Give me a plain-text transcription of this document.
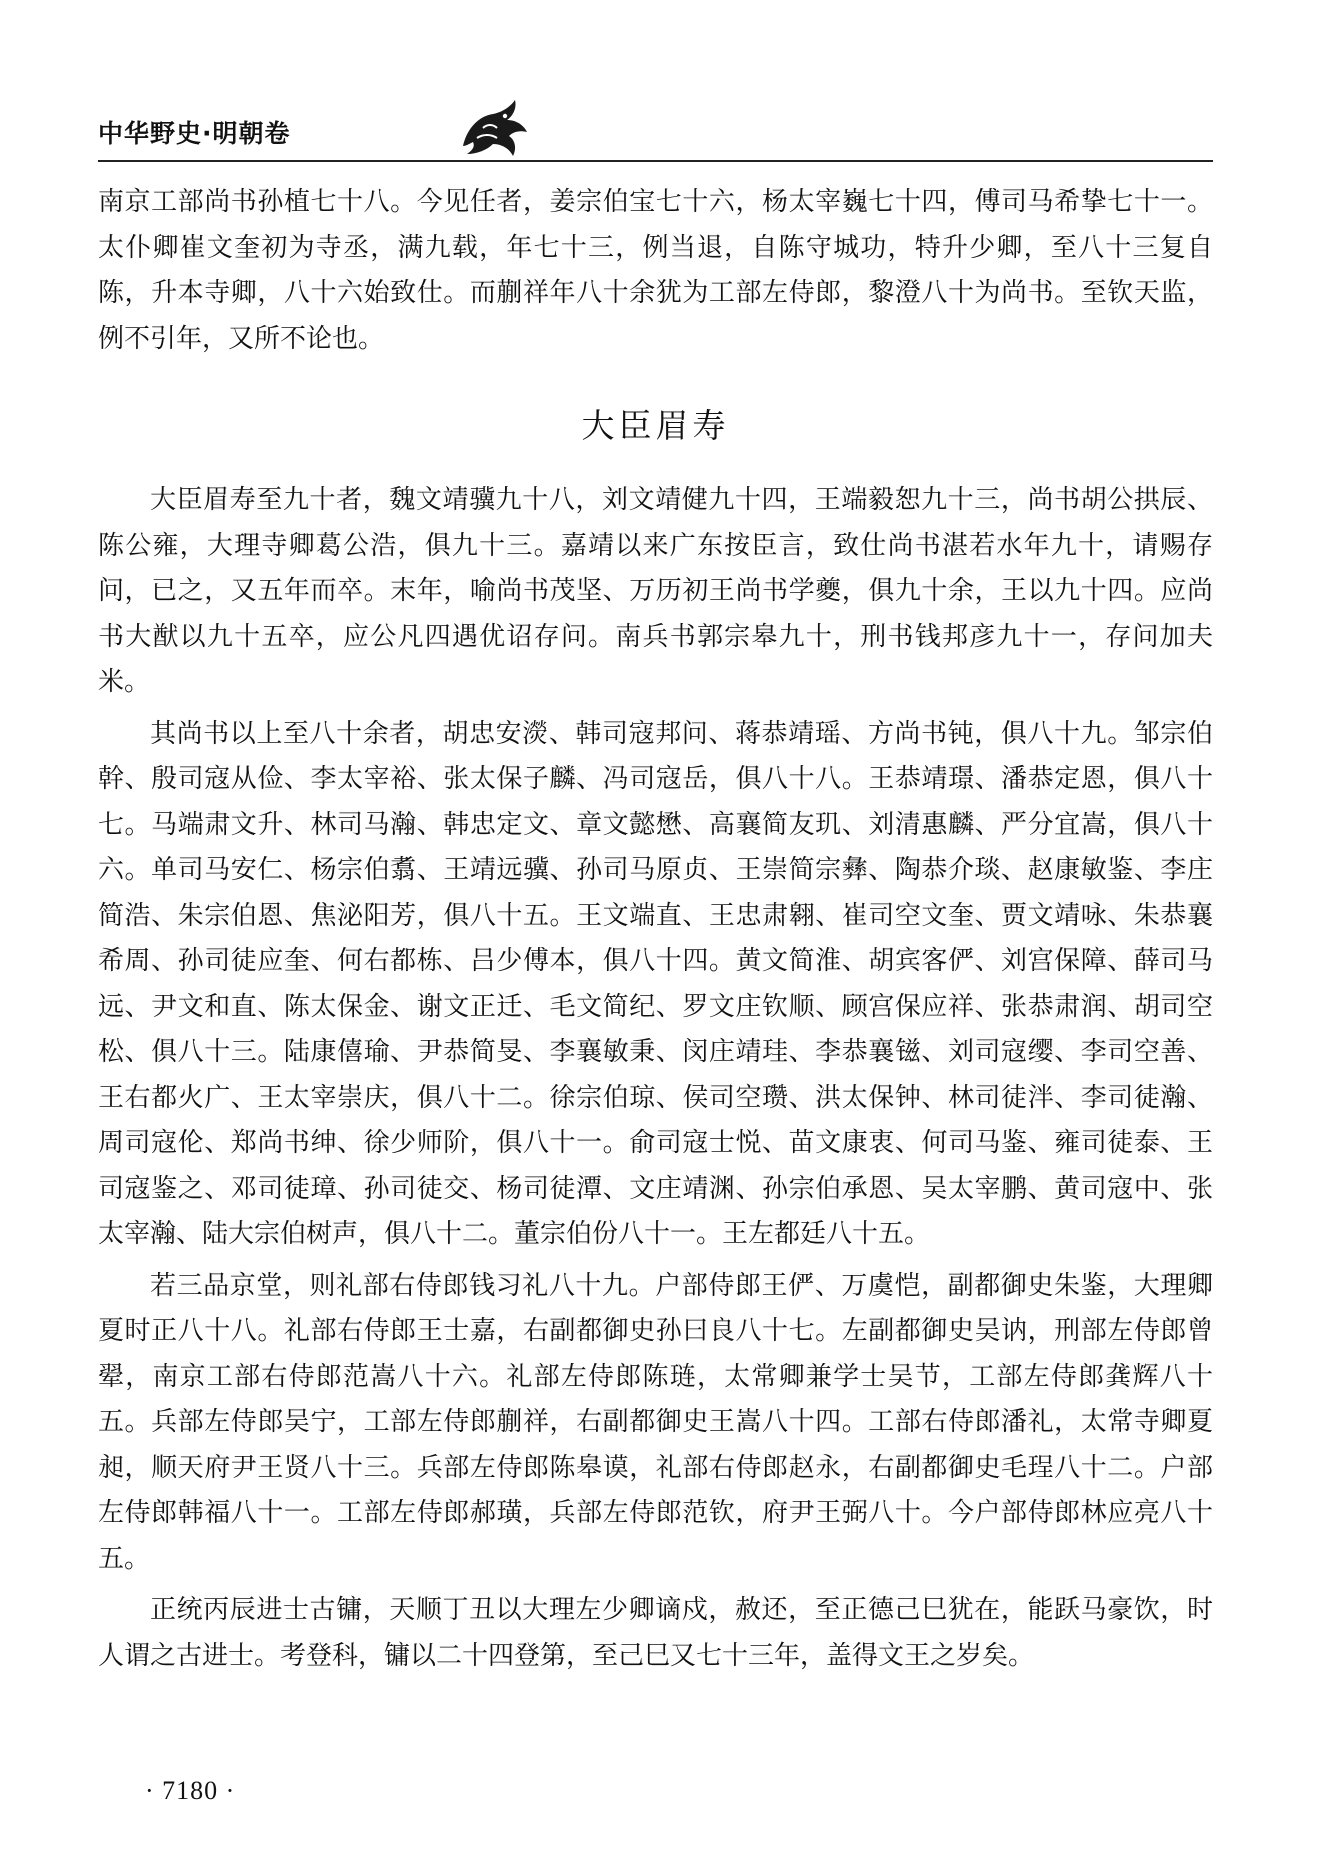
中华野史·明朝卷
南京工部尚书孙植七十八。今见任者，姜宗伯宝七十六，杨太宰巍七十四，傅司马希挚七十一。太仆卿崔文奎初为寺丞，满九载，年七十三，例当退，自陈守城功，特升少卿，至八十三复自陈，升本寺卿，八十六始致仕。而蒯祥年八十余犹为工部左侍郎，黎澄八十为尚书。至钦天监，例不引年，又所不论也。
大臣眉寿

大臣眉寿至九十者，魏文靖骥九十八，刘文靖健九十四，王端毅恕九十三，尚书胡公拱辰、陈公雍，大理寺卿葛公浩，俱九十三。嘉靖以来广东按臣言，致仕尚书湛若水年九十，请赐存问，已之，又五年而卒。末年，喻尚书茂坚、万历初王尚书学夔，俱九十余，王以九十四。应尚书大猷以九十五卒，应公凡四遇优诏存问。南兵书郭宗皋九十，刑书钱邦彦九十一，存问加夫米。

其尚书以上至八十余者，胡忠安濙、韩司寇邦问、蒋恭靖瑶、方尚书钝，俱八十九。邹宗伯幹、殷司寇从俭、李太宰裕、张太保子麟、冯司寇岳，俱八十八。王恭靖璟、潘恭定恩，俱八十七。马端肃文升、林司马瀚、韩忠定文、章文懿懋、高襄简友玑、刘清惠麟、严分宜嵩，俱八十六。单司马安仁、杨宗伯翥、王靖远骥、孙司马原贞、王崇简宗彝、陶恭介琰、赵康敏鉴、李庄简浩、朱宗伯恩、焦泌阳芳，俱八十五。王文端直、王忠肃翱、崔司空文奎、贾文靖咏、朱恭襄希周、孙司徒应奎、何右都栋、吕少傅本，俱八十四。黄文简淮、胡宾客俨、刘宫保障、薛司马远、尹文和直、陈太保金、谢文正迁、毛文简纪、罗文庄钦顺、顾宫保应祥、张恭肃润、胡司空松、俱八十三。陆康僖瑜、尹恭简旻、李襄敏秉、闵庄靖珪、李恭襄镃、刘司寇缨、李司空善、王右都火广、王太宰崇庆，俱八十二。徐宗伯琼、侯司空瓒、洪太保钟、林司徒泮、李司徒瀚、周司寇伦、郑尚书绅、徐少师阶，俱八十一。俞司寇士悦、苗文康衷、何司马鉴、雍司徒泰、王司寇鉴之、邓司徒璋、孙司徒交、杨司徒潭、文庄靖渊、孙宗伯承恩、吴太宰鹏、黄司寇中、张太宰瀚、陆大宗伯树声，俱八十二。董宗伯份八十一。王左都廷八十五。

若三品京堂，则礼部右侍郎钱习礼八十九。户部侍郎王俨、万虞恺，副都御史朱鉴，大理卿夏时正八十八。礼部右侍郎王士嘉，右副都御史孙曰良八十七。左副都御史吴讷，刑部左侍郎曾翚，南京工部右侍郎范嵩八十六。礼部左侍郎陈琏，太常卿兼学士吴节，工部左侍郎龚辉八十五。兵部左侍郎吴宁，工部左侍郎蒯祥，右副都御史王嵩八十四。工部右侍郎潘礼，太常寺卿夏昶，顺天府尹王贤八十三。兵部左侍郎陈皋谟，礼部右侍郎赵永，右副都御史毛珵八十二。户部左侍郎韩福八十一。工部左侍郎郝璜，兵部左侍郎范钦，府尹王弼八十。今户部侍郎林应亮八十五。

正统丙辰进士古镛，天顺丁丑以大理左少卿谪戍，赦还，至正德己巳犹在，能跃马豪饮，时人谓之古进士。考登科，镛以二十四登第，至己巳又七十三年，盖得文王之岁矣。

· 7180 ·
